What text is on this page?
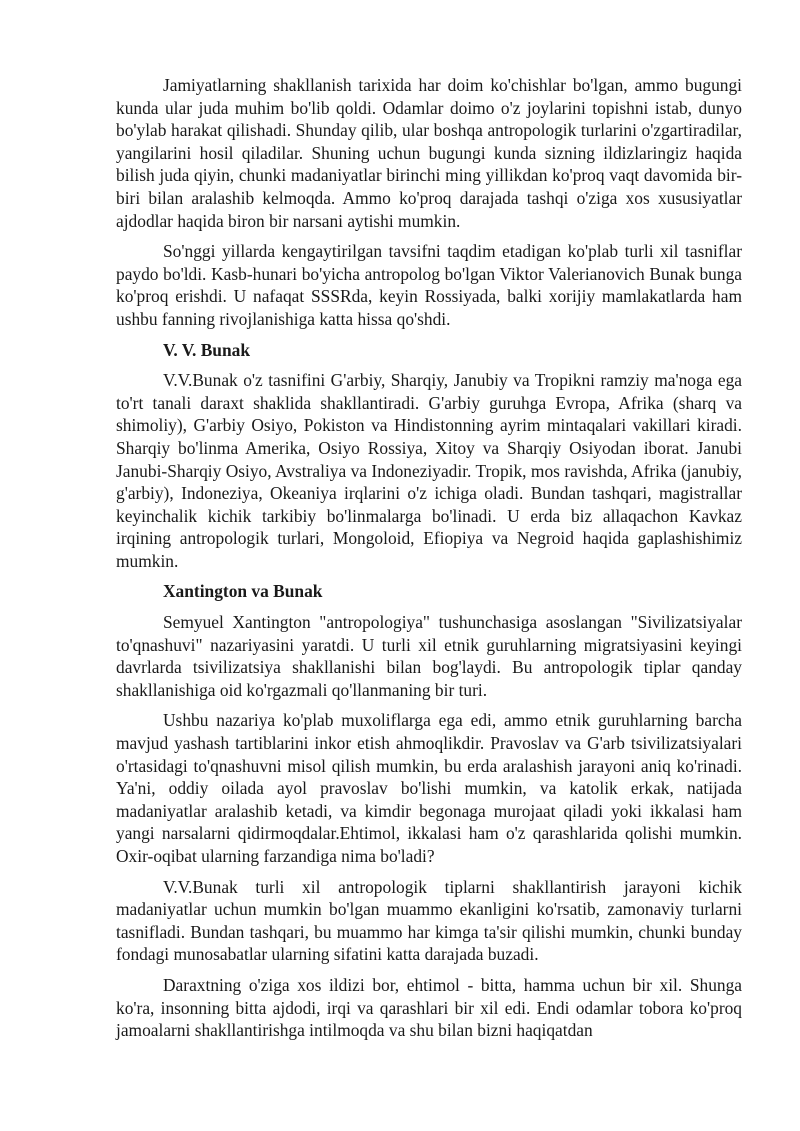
Jamiyatlarning shakllanish tarixida har doim ko'chishlar bo'lgan, ammo bugungi kunda ular juda muhim bo'lib qoldi. Odamlar doimo o'z joylarini topishni istab, dunyo bo'ylab harakat qilishadi. Shunday qilib, ular boshqa antropologik turlarini o'zgartiradilar, yangilarini hosil qiladilar. Shuning uchun bugungi kunda sizning ildizlaringiz haqida bilish juda qiyin, chunki madaniyatlar birinchi ming yillikdan ko'proq vaqt davomida bir-biri bilan aralashib kelmoqda. Ammo ko'proq darajada tashqi o'ziga xos xususiyatlar ajdodlar haqida biron bir narsani aytishi mumkin.

So'nggi yillarda kengaytirilgan tavsifni taqdim etadigan ko'plab turli xil tasniflar paydo bo'ldi. Kasb-hunari bo'yicha antropolog bo'lgan Viktor Valerianovich Bunak bunga ko'proq erishdi. U nafaqat SSSRda, keyin Rossiyada, balki xorijiy mamlakatlarda ham ushbu fanning rivojlanishiga katta hissa qo'shdi.

V. V. Bunak

V.V.Bunak o'z tasnifini G'arbiy, Sharqiy, Janubiy va Tropikni ramziy ma'noga ega to'rt tanali daraxt shaklida shakllantiradi. G'arbiy guruhga Evropa, Afrika (sharq va shimoliy), G'arbiy Osiyo, Pokiston va Hindistonning ayrim mintaqalari vakillari kiradi. Sharqiy bo'linma Amerika, Osiyo Rossiya, Xitoy va Sharqiy Osiyodan iborat. Janubi Janubi-Sharqiy Osiyo, Avstraliya va Indoneziyadir. Tropik, mos ravishda, Afrika (janubiy, g'arbiy), Indoneziya, Okeaniya irqlarini o'z ichiga oladi. Bundan tashqari, magistrallar keyinchalik kichik tarkibiy bo'linmalarga bo'linadi. U erda biz allaqachon Kavkaz irqining antropologik turlari, Mongoloid, Efiopiya va Negroid haqida gaplashishimiz mumkin.

Xantington va Bunak

Semyuel Xantington "antropologiya" tushunchasiga asoslangan "Sivilizatsiyalar to'qnashuvi" nazariyasini yaratdi. U turli xil etnik guruhlarning migratsiyasini keyingi davrlarda tsivilizatsiya shakllanishi bilan bog'laydi. Bu antropologik tiplar qanday shakllanishiga oid ko'rgazmali qo'llanmaning bir turi.

Ushbu nazariya ko'plab muxoliflarga ega edi, ammo etnik guruhlarning barcha mavjud yashash tartiblarini inkor etish ahmoqlikdir. Pravoslav va G'arb tsivilizatsiyalari o'rtasidagi to'qnashuvni misol qilish mumkin, bu erda aralashish jarayoni aniq ko'rinadi. Ya'ni, oddiy oilada ayol pravoslav bo'lishi mumkin, va katolik erkak, natijada madaniyatlar aralashib ketadi, va kimdir begonaga murojaat qiladi yoki ikkalasi ham yangi narsalarni qidirmoqdalar.Ehtimol, ikkalasi ham o'z qarashlarida qolishi mumkin. Oxir-oqibat ularning farzandiga nima bo'ladi?

V.V.Bunak turli xil antropologik tiplarni shakllantirish jarayoni kichik madaniyatlar uchun mumkin bo'lgan muammo ekanligini ko'rsatib, zamonaviy turlarni tasnifladi. Bundan tashqari, bu muammo har kimga ta'sir qilishi mumkin, chunki bunday fondagi munosabatlar ularning sifatini katta darajada buzadi.

Daraxtning o'ziga xos ildizi bor, ehtimol - bitta, hamma uchun bir xil. Shunga ko'ra, insonning bitta ajdodi, irqi va qarashlari bir xil edi. Endi odamlar tobora ko'proq jamoalarni shakllantirishga intilmoqda va shu bilan bizni haqiqatdan
